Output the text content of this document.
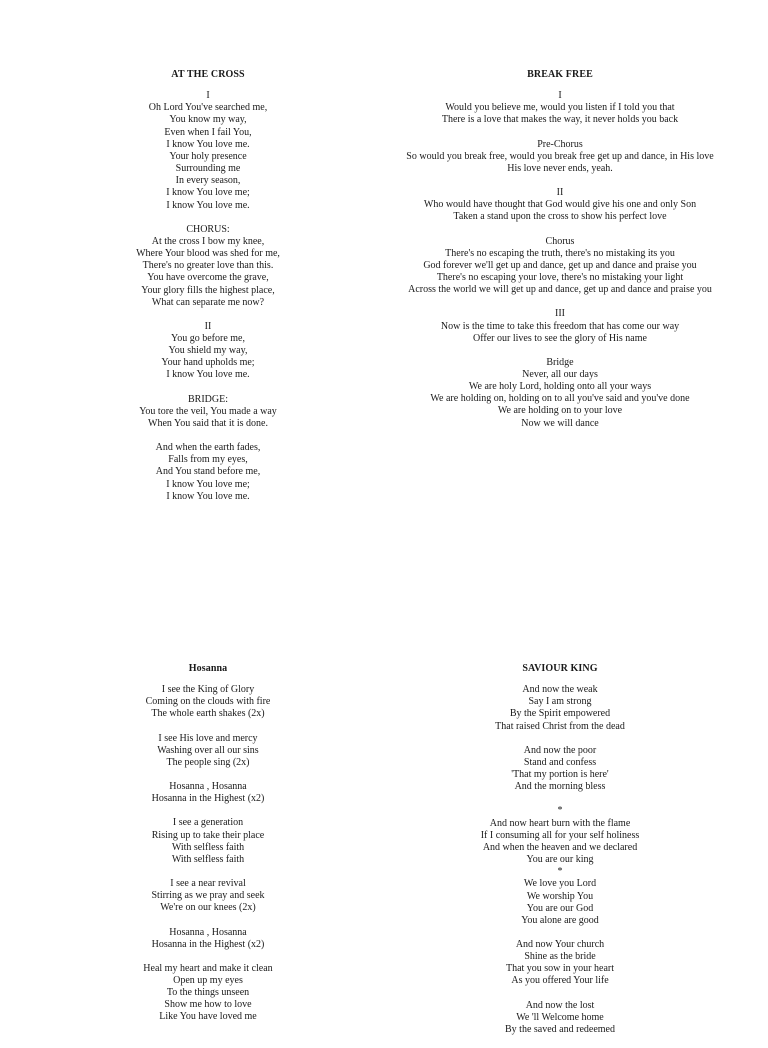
AT THE CROSS
I
Oh Lord You've searched me,
You know my way,
Even when I fail You,
I know You love me.
Your holy presence
Surrounding me
In every season,
I know You love me;
I know You love me.
CHORUS:
At the cross I bow my knee,
Where Your blood was shed for me,
There's no greater love than this.
You have overcome the grave,
Your glory fills the highest place,
What can separate me now?
II
You go before me,
You shield my way,
Your hand upholds me;
I know You love me.
BRIDGE:
You tore the veil, You made a way
When You said that it is done.
And when the earth fades,
Falls from my eyes,
And You stand before me,
I know You love me;
I know You love me.
BREAK FREE
I
Would you believe me, would you listen if I told you that
There is a love that makes the way, it never holds you back
Pre-Chorus
So would you break free, would you break free get up and dance, in His love
His love never ends, yeah.
II
Who would have thought that God would give his one and only Son
Taken a stand upon the cross to show his perfect love
Chorus
There's no escaping the truth, there's no mistaking its you
God forever we'll get up and dance, get up and dance and praise you
There's no escaping your love, there's no mistaking your light
Across the world we will get up and dance, get up and dance and praise you
III
Now is the time to take this freedom that has come our way
Offer our lives to see the glory of His name
Bridge
Never, all our days
We are holy Lord, holding onto all your ways
We are holding on, holding on to all you've said and you've done
We are holding on to your love
Now we will dance
Hosanna
I see the King of Glory
Coming on the clouds with fire
The whole earth shakes (2x)
I see His love and mercy
Washing over all our sins
The people sing (2x)
Hosanna , Hosanna
Hosanna in the Highest (x2)
I see a generation
Rising up to take their place
With selfless faith
With selfless faith
I see a near revival
Stirring as we pray and seek
We're on our knees (2x)
Hosanna , Hosanna
Hosanna in the Highest (x2)
Heal my heart and make it clean
Open up my eyes
To the things unseen
Show me how to love
Like You have loved me
SAVIOUR KING
And now the weak
Say I am strong
By the Spirit empowered
That raised Christ from the dead
And now the poor
Stand and confess
'That my portion is here'
And the morning bless
*
And now heart burn with the flame
If I consuming all for your self holiness
And when the heaven and we declared
You are our king
*
We love you Lord
We worship You
You are our God
You alone are good
And now Your church
Shine as the bride
That you sow in your heart
As you offered Your life
And now the lost
We 'll Welcome home
By the saved and redeemed
